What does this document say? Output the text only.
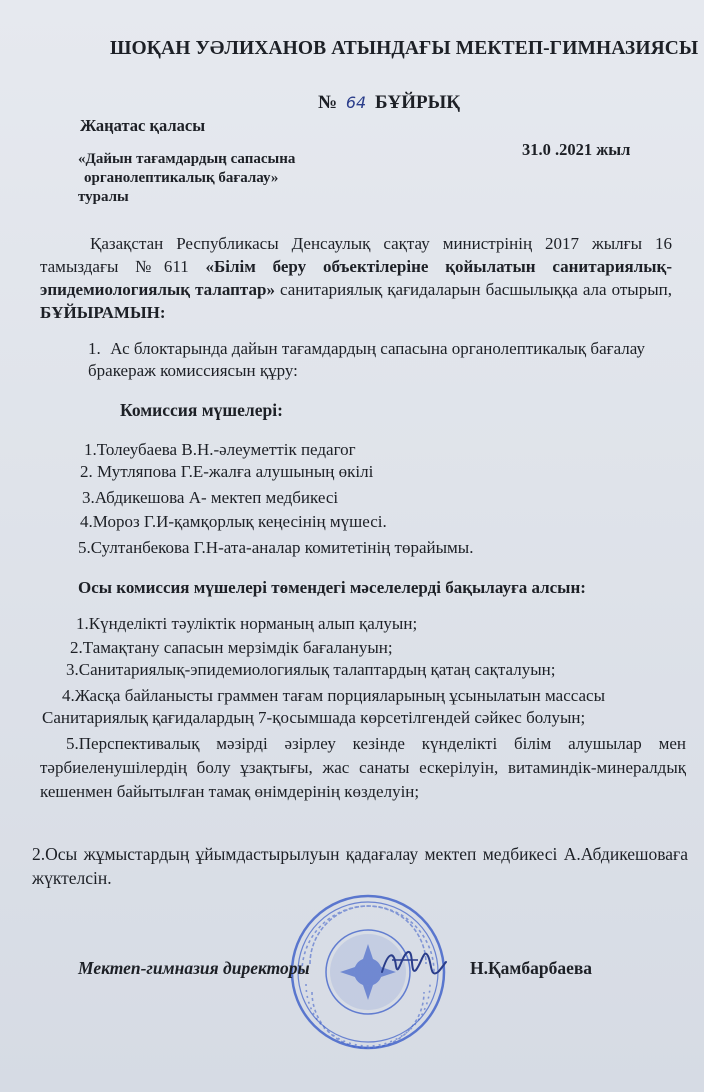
ШОҚАН УӘЛИХАНОВ АТЫНДАҒЫ МЕКТЕП-ГИМНАЗИЯСЫ
№ 64 БҰЙРЫҚ
Жаңатас қаласы
31.0 .2021 жыл
«Дайын тағамдардың сапасына
органолептикалық бағалау»
туралы
Қазақстан Республикасы Денсаулық сақтау министрінің 2017 жылғы 16 тамыздағы №611 «Білім беру объектілеріне қойылатын санитариялық-эпидемиологиялық талаптар» санитариялық қағидаларын басшылыққа ала отырып, БҰЙЫРАМЫН:
1. Ас блоктарында дайын тағамдардың сапасына органолептикалық бағалау бракераж комиссиясын құру:
Комиссия мүшелері:
1.Толеубаева В.Н.-әлеуметтік педагог
2. Мутляпова Г.Е-жалға алушының өкілі
3.Абдикешова А- мектеп медбикесі
4.Мороз Г.И-қамқорлық кеңесінің мүшесі.
5.Султанбекова Г.Н-ата-аналар комитетінің төрайымы.
Осы комиссия мүшелері төмендегі мәселелерді бақылауға алсын:
1.Күнделікті тәуліктік норманың алып қалуын;
2.Тамақтану сапасын мерзімдік бағалануын;
3.Санитариялық-эпидемиологиялық талаптардың қатаң сақталуын;
4.Жасқа байланысты граммен тағам порцияларының ұсынылатын массасы
Санитариялық қағидалардың 7-қосымшада көрсетілгендей сәйкес болуын;
5.Перспективалық мәзірді әзірлеу кезінде күнделікті білім алушылар мен тәрбиеленушілердің болу ұзақтығы, жас санаты ескерілуін, витаминдік-минералдық кешенмен байытылған тамақ өнімдерінің көзделуін;
2.Осы жұмыстардың ұйымдастырылуын қадағалау мектеп медбикесі А.Абдикешоваға жүктелсін.
Мектеп-гимназия директоры	Н.Қамбарбаева
